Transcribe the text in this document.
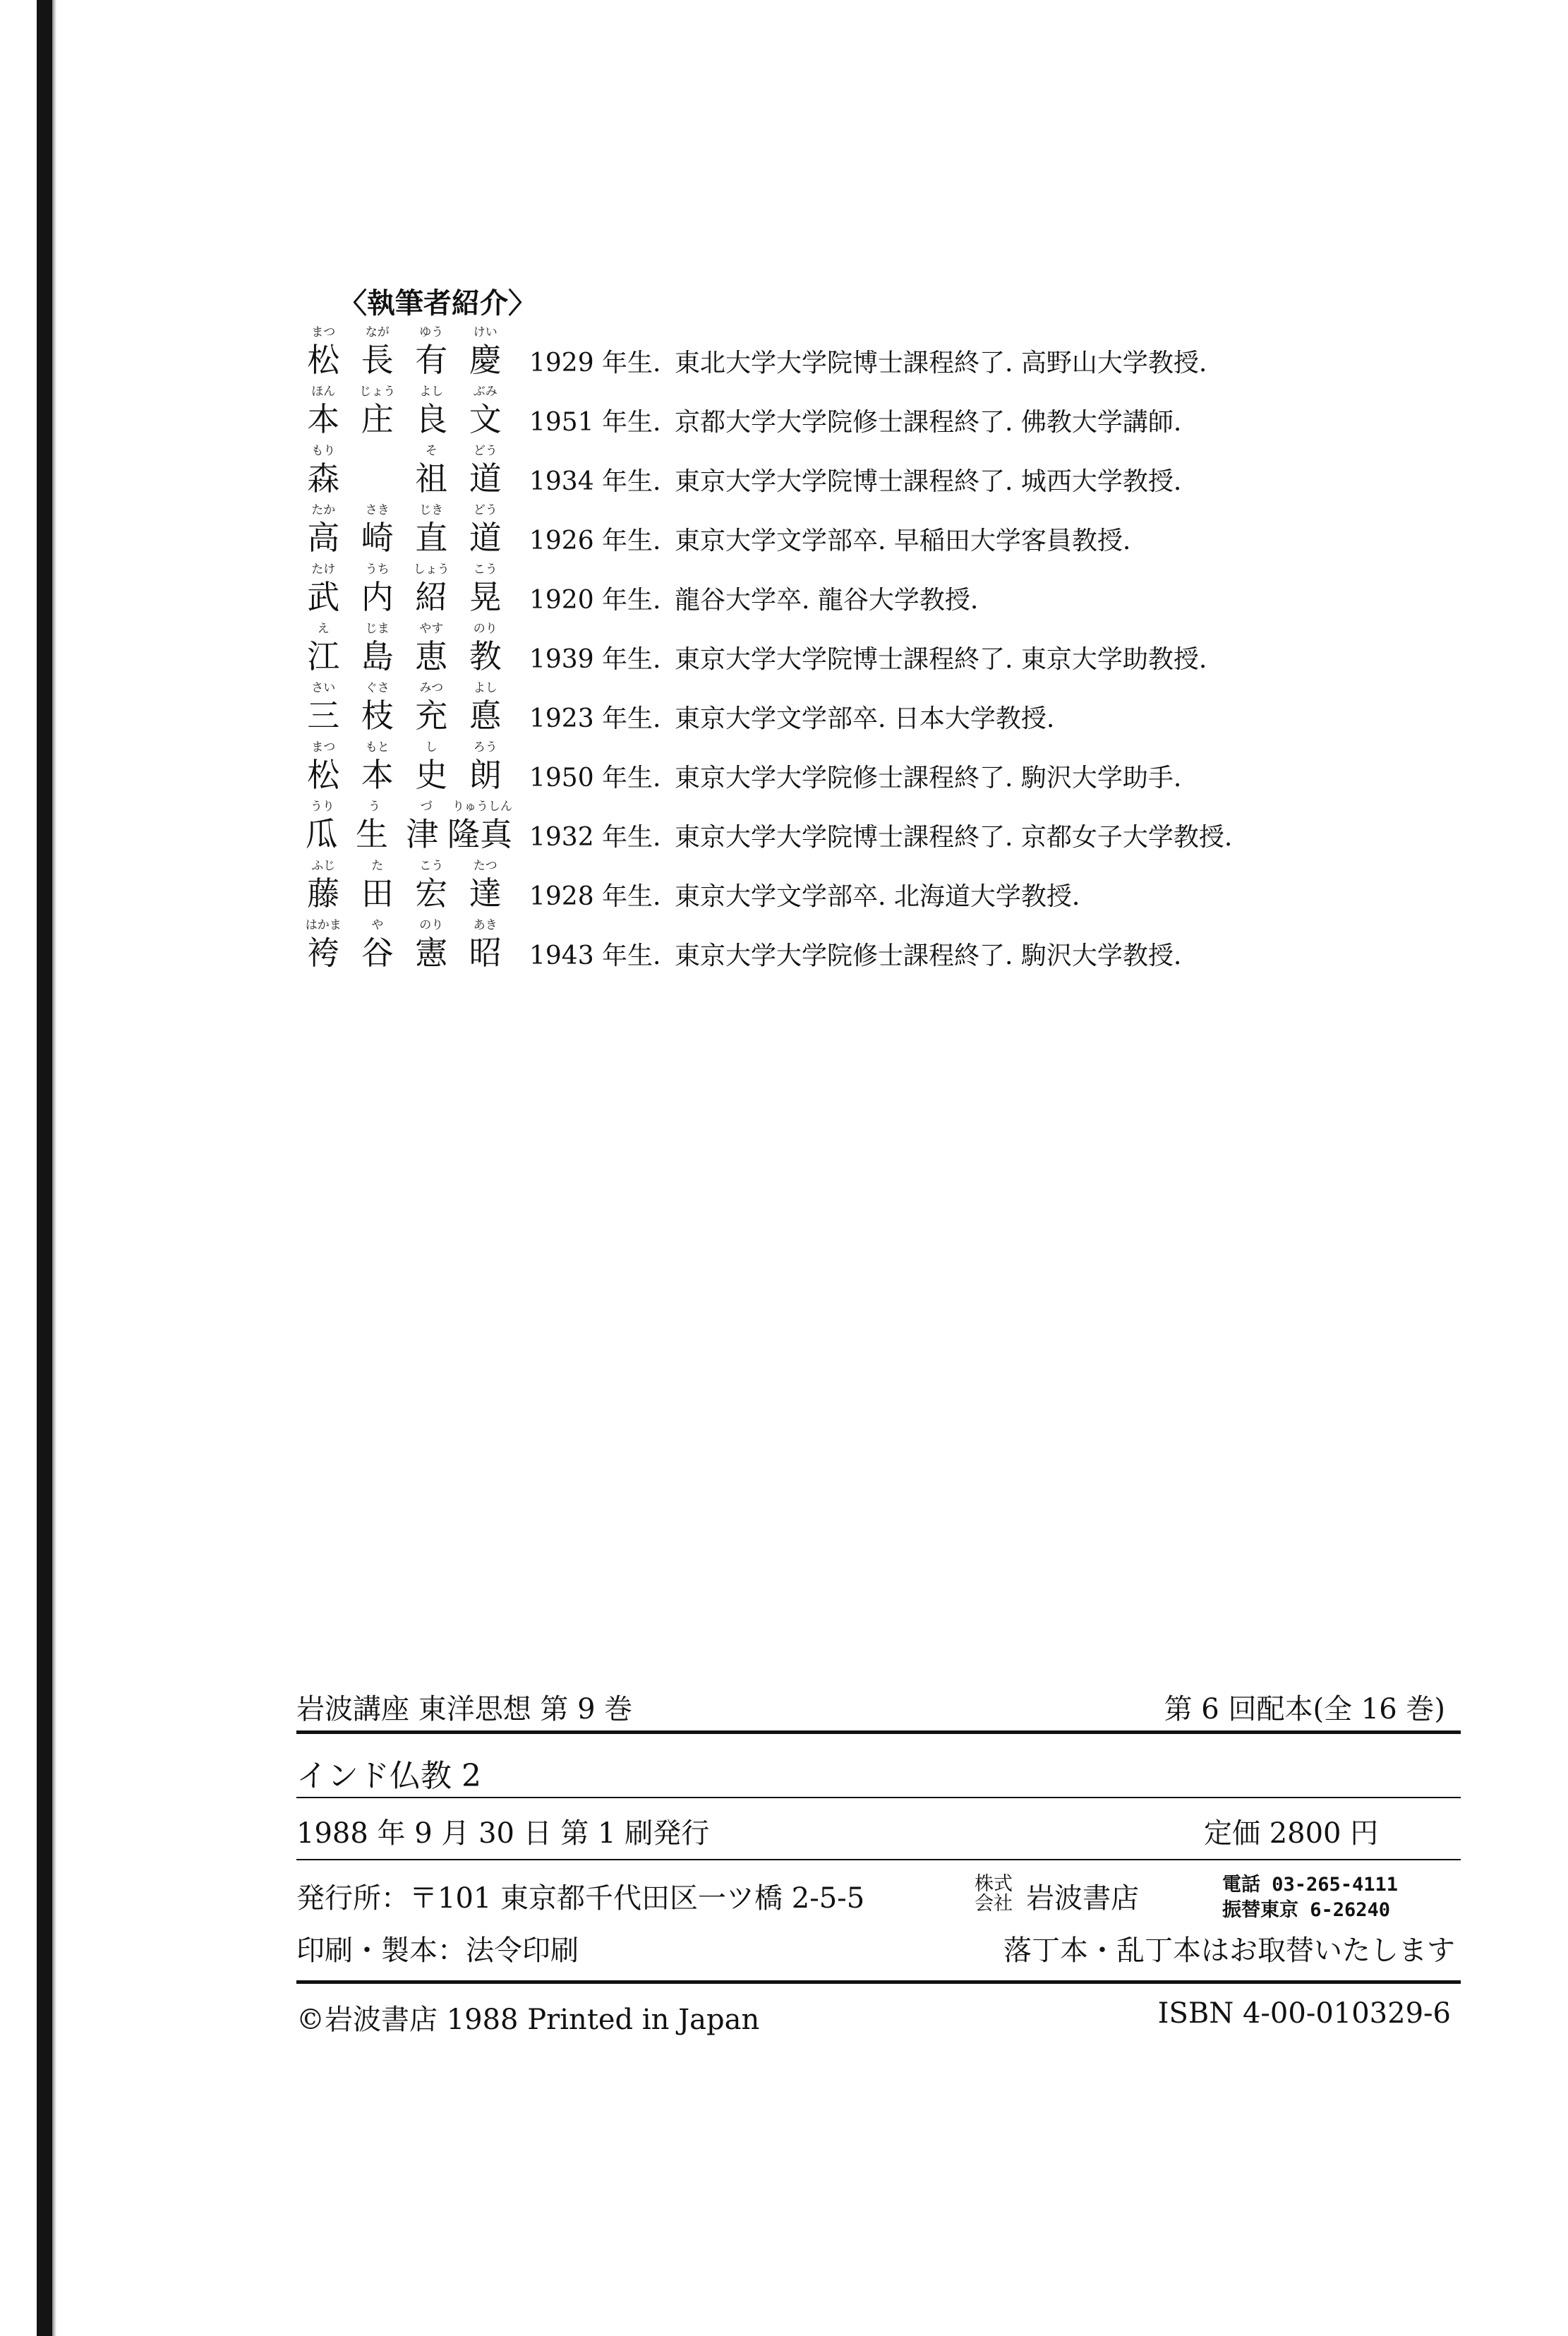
〈執筆者紹介〉
まつ	なが	ゆう	けい
松 長 有 慶	1929 年生. 東北大学大学院博士課程終了. 高野山大学教授.
ほん	じょう	よし	ぶみ
本 庄 良 文	1951 年生. 京都大学大学院修士課程終了. 佛教大学講師.
もり	そ	どう
森	祖 道	1934 年生. 東京大学大学院博士課程終了. 城西大学教授.
たか	さき	じき	どう
高 崎 直 道	1926 年生. 東京大学文学部卒. 早稲田大学客員教授.
たけ	うち	しょう	こう
武 内 紹 晃	1920 年生. 龍谷大学卒. 龍谷大学教授.
え	じま	やす	のり
江 島 恵 教	1939 年生. 東京大学大学院博士課程終了. 東京大学助教授.
さい	ぐさ	みつ	よし
三 枝 充 悳	1923 年生. 東京大学文学部卒. 日本大学教授.
まつ	もと	し	ろう
松 本 史 朗	1950 年生. 東京大学大学院修士課程終了. 駒沢大学助手.
うり	う	づ	りゅうしん
瓜 生 津 隆真 1932 年生. 東京大学大学院博士課程終了. 京都女子大学教授.
ふじ	た	こう	たつ
藤 田 宏 達	1928 年生. 東京大学文学部卒. 北海道大学教授.
はかま	や	のり	あき
袴 谷 憲 昭	1943 年生. 東京大学大学院修士課程終了. 駒沢大学教授.
岩波講座 東洋思想 第 9 巻	第 6 回配本(全 16 巻)
インド仏教 2
1988 年 9 月 30 日 第 1 刷発行	定価 2800 円
発行所：〒101 東京都千代田区一ツ橋 2-5-5	株式
会社 岩波書店	電話 03-265-4111
振替東京 6-26240
印刷・製本：法令印刷	落丁本・乱丁本はお取替いたします
©岩波書店 1988 Printed in Japan	ISBN 4-00-010329-6
